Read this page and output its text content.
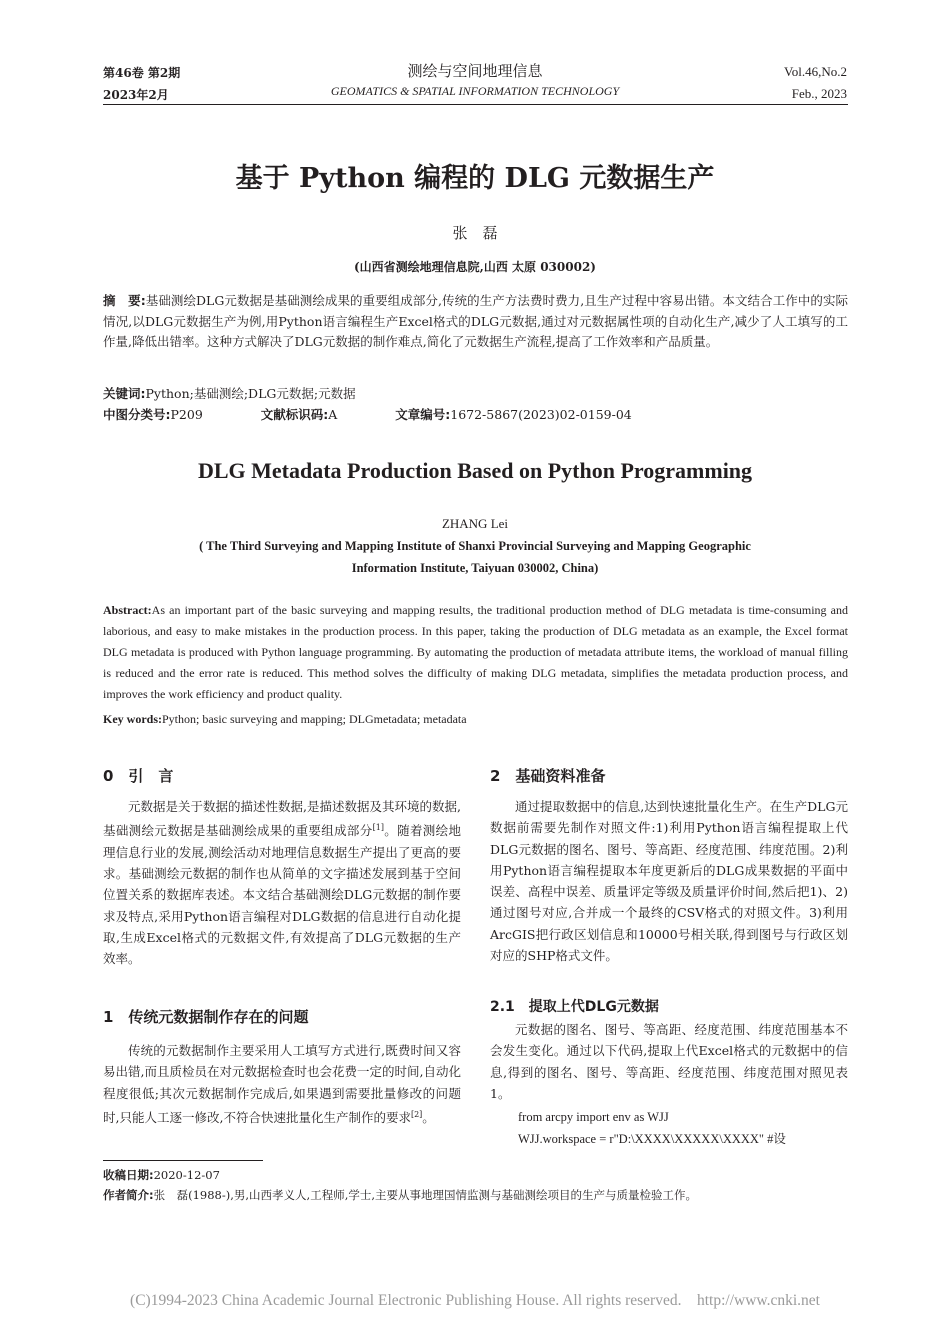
第46卷 第2期
2023年2月
测绘与空间地理信息
GEOMATICS & SPATIAL INFORMATION TECHNOLOGY
Vol.46,No.2
Feb., 2023
基于 Python 编程的 DLG 元数据生产
张　磊
(山西省测绘地理信息院,山西 太原 030002)
摘　要:基础测绘DLG元数据是基础测绘成果的重要组成部分,传统的生产方法费时费力,且生产过程中容易出错。本文结合工作中的实际情况,以DLG元数据生产为例,用Python语言编程生产Excel格式的DLG元数据,通过对元数据属性项的自动化生产,减少了人工填写的工作量,降低出错率。这种方式解决了DLG元数据的制作难点,简化了元数据生产流程,提高了工作效率和产品质量。
关键词:Python;基础测绘;DLG元数据;元数据
中图分类号:P209	文献标识码:A	文章编号:1672-5867(2023)02-0159-04
DLG Metadata Production Based on Python Programming
ZHANG Lei
( The Third Surveying and Mapping Institute of Shanxi Provincial Surveying and Mapping Geographic
Information Institute, Taiyuan 030002, China)
Abstract:As an important part of the basic surveying and mapping results, the traditional production method of DLG metadata is time-consuming and laborious, and easy to make mistakes in the production process. In this paper, taking the production of DLG metadata as an example, the Excel format DLG metadata is produced with Python language programming. By automating the production of metadata attribute items, the workload of manual filling is reduced and the error rate is reduced. This method solves the difficulty of making DLG metadata, simplifies the metadata production process, and improves the work efficiency and product quality.
Key words:Python; basic surveying and mapping; DLGmetadata; metadata
0　引　言

元数据是关于数据的描述性数据,是描述数据及其环境的数据,基础测绘元数据是基础测绘成果的重要组成部分[1]。随着测绘地理信息行业的发展,测绘活动对地理信息数据生产提出了更高的要求。基础测绘元数据的制作也从简单的文字描述发展到基于空间位置关系的数据库表述。本文结合基础测绘DLG元数据的制作要求及特点,采用Python语言编程对DLG数据的信息进行自动化提取,生成Excel格式的元数据文件,有效提高了DLG元数据的生产效率。

1　传统元数据制作存在的问题

传统的元数据制作主要采用人工填写方式进行,既费时间又容易出错,而且质检员在对元数据检查时也会花费一定的时间,自动化程度很低;其次元数据制作完成后,如果遇到需要批量修改的问题时,只能人工逐一修改,不符合快速批量化生产制作的要求[2]。

2　基础资料准备

通过提取数据中的信息,达到快速批量化生产。在生产DLG元数据前需要先制作对照文件:1)利用Python语言编程提取上代DLG元数据的图名、图号、等高距、经度范围、纬度范围。2)利用Python语言编程提取本年度更新后的DLG成果数据的平面中误差、高程中误差、质量评定等级及质量评价时间,然后把1)、2)通过图号对应,合并成一个最终的CSV格式的对照文件。3)利用ArcGIS把行政区划信息和10000号相关联,得到图号与行政区划对应的SHP格式文件。

2.1　提取上代DLG元数据

元数据的图名、图号、等高距、经度范围、纬度范围基本不会发生变化。通过以下代码,提取上代Excel格式的元数据中的信息,得到的图名、图号、等高距、经度范围、纬度范围对照见表1。

from arcpy import env as WJJ
WJJ.workspace = r"D:\XXXX\XXXXX\XXXX" #设
收稿日期:2020-12-07
作者简介:张　磊(1988-),男,山西孝义人,工程师,学士,主要从事地理国情监测与基础测绘项目的生产与质量检验工作。
(C)1994-2023 China Academic Journal Electronic Publishing House. All rights reserved.　http://www.cnki.net
